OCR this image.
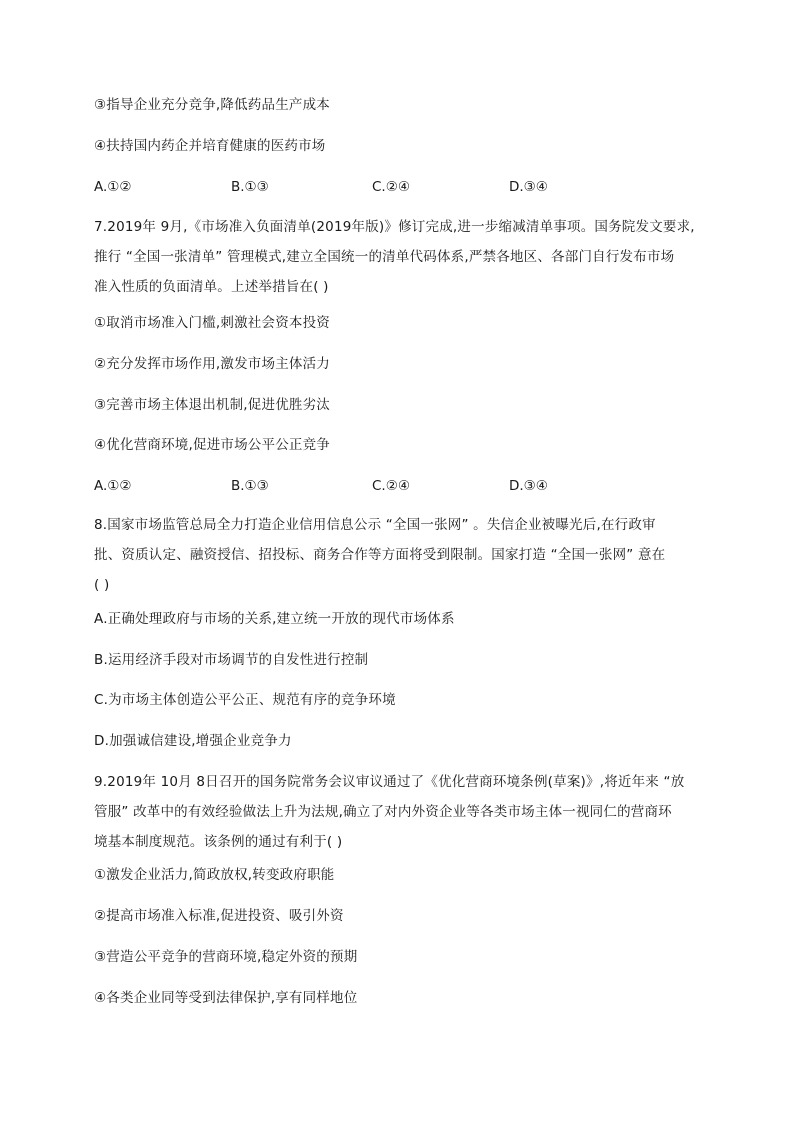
③指导企业充分竞争,降低药品生产成本
④扶持国内药企并培育健康的医药市场
A.①②	B.①③	C.②④	D.③④
7.2019年 9月,《市场准入负面清单(2019年版)》修订完成,进一步缩减清单事项。国务院发文要求,
推行 “全国一张清单” 管理模式,建立全国统一的清单代码体系,严禁各地区、各部门自行发布市场
准入性质的负面清单。上述举措旨在( )
①取消市场准入门槛,刺激社会资本投资
②充分发挥市场作用,激发市场主体活力
③完善市场主体退出机制,促进优胜劣汰
④优化营商环境,促进市场公平公正竞争
A.①②	B.①③	C.②④	D.③④
8.国家市场监管总局全力打造企业信用信息公示 “全国一张网” 。失信企业被曝光后,在行政审
批、资质认定、融资授信、招投标、商务合作等方面将受到限制。国家打造 “全国一张网” 意在
( )
A.正确处理政府与市场的关系,建立统一开放的现代市场体系
B.运用经济手段对市场调节的自发性进行控制
C.为市场主体创造公平公正、规范有序的竞争环境
D.加强诚信建设,增强企业竞争力
9.2019年 10月 8日召开的国务院常务会议审议通过了《优化营商环境条例(草案)》,将近年来 “放
管服” 改革中的有效经验做法上升为法规,确立了对内外资企业等各类市场主体一视同仁的营商环
境基本制度规范。该条例的通过有利于( )
①激发企业活力,简政放权,转变政府职能
②提高市场准入标准,促进投资、吸引外资
③营造公平竞争的营商环境,稳定外资的预期
④各类企业同等受到法律保护,享有同样地位
